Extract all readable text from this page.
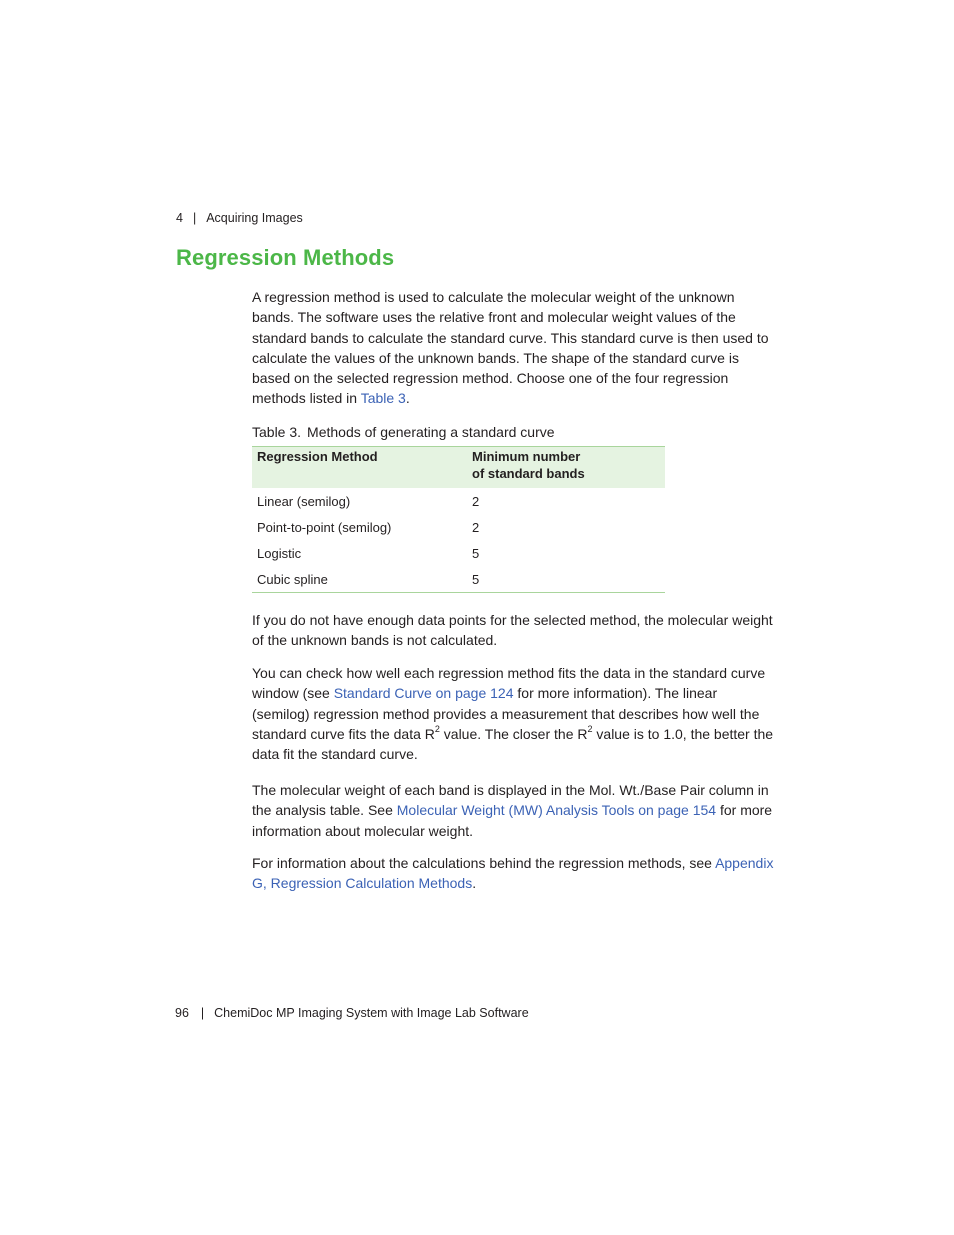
4 | Acquiring Images
Regression Methods

A regression method is used to calculate the molecular weight of the unknown bands. The software uses the relative front and molecular weight values of the standard bands to calculate the standard curve. This standard curve is then used to calculate the values of the unknown bands. The shape of the standard curve is based on the selected regression method. Choose one of the four regression methods listed in Table 3.

Table 3. Methods of generating a standard curve

Regression Method	Minimum number
of standard bands
Linear (semilog)	2
Point-to-point (semilog)	2
Logistic	5
Cubic spline	5

If you do not have enough data points for the selected method, the molecular weight of the unknown bands is not calculated.

You can check how well each regression method fits the data in the standard curve window (see Standard Curve on page 124 for more information). The linear (semilog) regression method provides a measurement that describes how well the standard curve fits the data $R^2$ value. The closer the $R^2$ value is to 1.0, the better the data fit the standard curve.

The molecular weight of each band is displayed in the Mol. Wt./Base Pair column in the analysis table. See Molecular Weight (MW) Analysis Tools on page 154 for more information about molecular weight.

For information about the calculations behind the regression methods, see Appendix G, Regression Calculation Methods.

96 | ChemiDoc MP Imaging System with Image Lab Software
